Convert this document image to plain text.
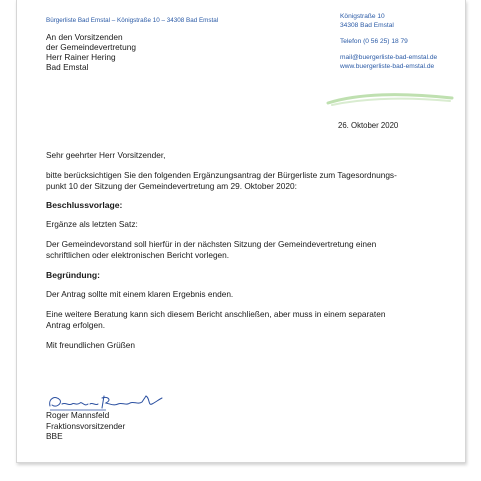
Bürgerliste Bad Emstal – Königstraße 10 – 34308 Bad Emstal
An den Vorsitzenden
der Gemeindevertretung
Herr Rainer Hering
Bad Emstal
Königstraße 10
34308 Bad Emstal
Telefon (0 56 25) 18 79
mail@buergerliste-bad-emstal.de
www.buergerliste-bad-emstal.de
26. Oktober 2020

Sehr geehrter Herr Vorsitzender,

bitte berücksichtigen Sie den folgenden Ergänzungsantrag der Bürgerliste zum Tagesordnungs-

punkt 10 der Sitzung der Gemeindevertretung am 29. Oktober 2020:

Beschlussvorlage:

Ergänze als letzten Satz:

Der Gemeindevorstand soll hierfür in der nächsten Sitzung der Gemeindevertretung einen

schriftlichen oder elektronischen Bericht vorlegen.

Begründung:

Der Antrag sollte mit einem klaren Ergebnis enden.

Eine weitere Beratung kann sich diesem Bericht anschließen, aber muss in einem separaten

Antrag erfolgen.

Mit freundlichen Grüßen

Roger Mannsfeld
Fraktionsvorsitzender
BBE
